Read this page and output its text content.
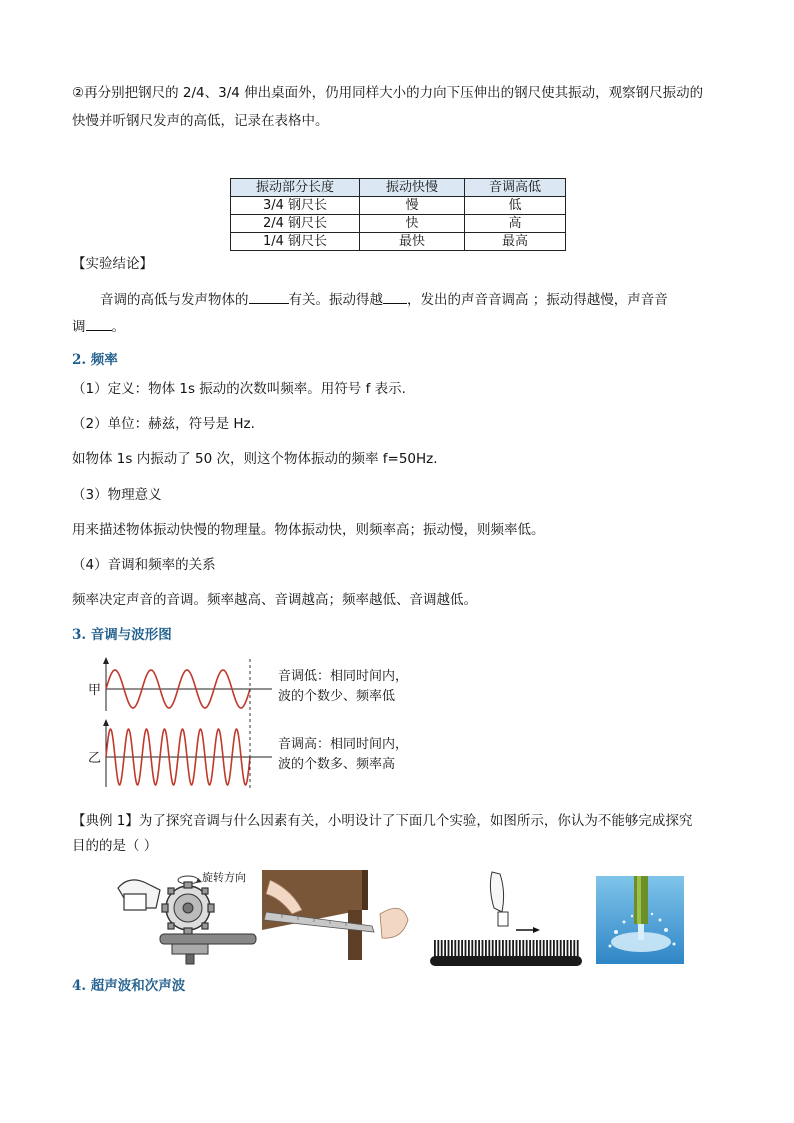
②再分别把钢尺的 2/4、3/4 伸出桌面外，仍用同样大小的力向下压伸出的钢尺使其振动，观察钢尺振动的
快慢并听钢尺发声的高低，记录在表格中。
振动部分长度	振动快慢	音调高低
3/4 钢尺长	慢	低
2/4 钢尺长	快	高
1/4 钢尺长	最快	最高
【实验结论】
音调的高低与发声物体的	有关。振动得越 ，发出的声音音调高 ；振动得越慢，声音音
调 。
2. 频率
（1）定义：物体 1s 振动的次数叫频率。用符号 f 表示.
（2）单位：赫兹，符号是 Hz.
如物体 1s 内振动了 50 次，则这个物体振动的频率 f=50Hz.
（3）物理意义
用来描述物体振动快慢的物理量。物体振动快，则频率高；振动慢，则频率低。
（4）音调和频率的关系
频率决定声音的音调。频率越高、音调越高；频率越低、音调越低。
3. 音调与波形图
甲
乙
音调低：相同时间内，
波的个数少、频率低
音调高：相同时间内，
波的个数多、频率高
【典例 1】为了探究音调与什么因素有关，小明设计了下面几个实验，如图所示，你认为不能够完成探究
目的的是（ ）
旋转方向
4. 超声波和次声波
